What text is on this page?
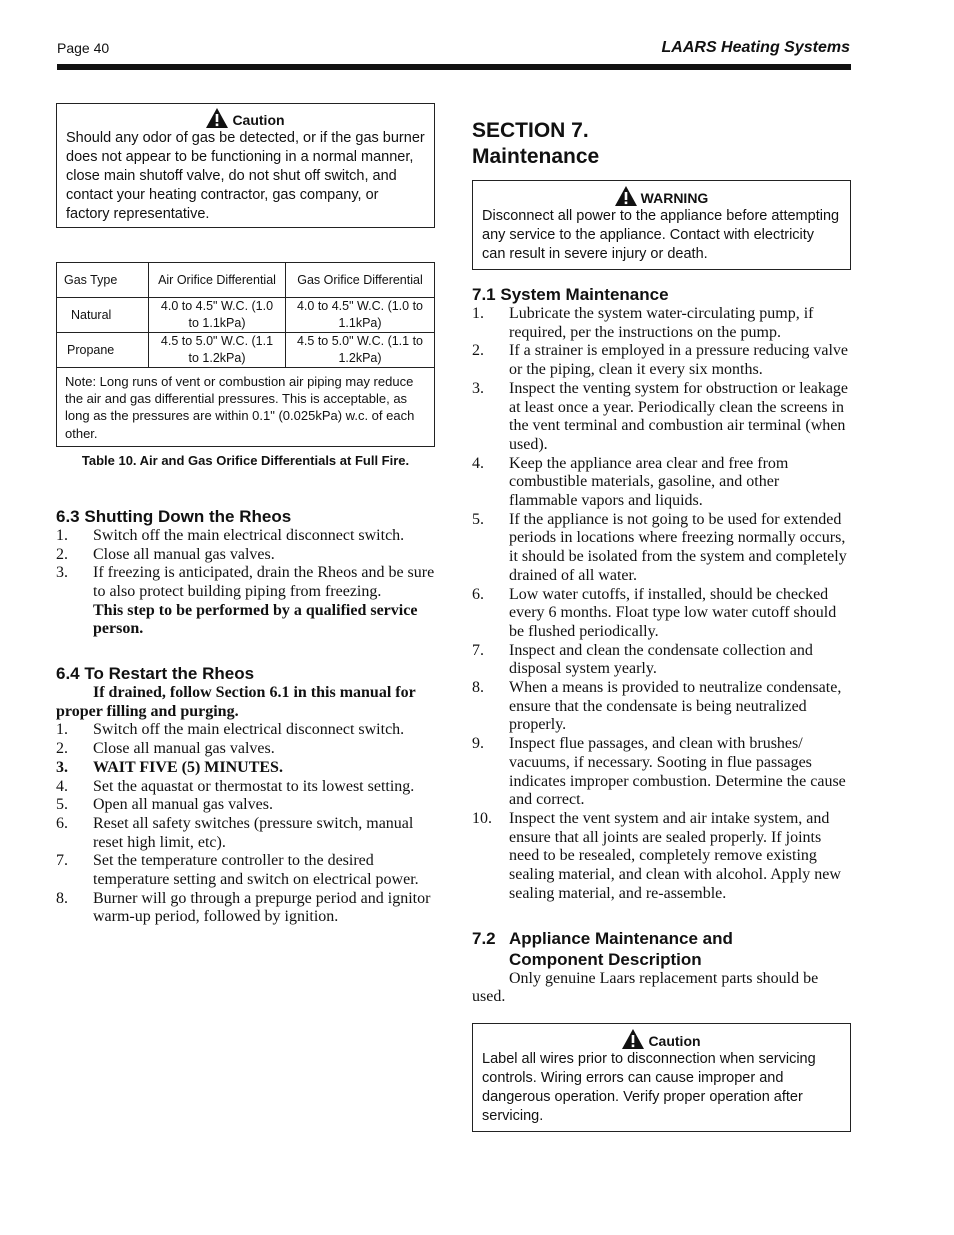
Page 40	LAARS Heating Systems
Caution
Should any odor of gas be detected, or if the gas burner does not appear to be functioning in a normal manner, close main shutoff valve, do not shut off switch, and contact your heating contractor, gas company, or factory representative.
Gas Type	Air Orifice Differential	Gas Orifice Differential
Natural	4.0 to 4.5" W.C. (1.0 to 1.1kPa)	4.0 to 4.5" W.C. (1.0 to 1.1kPa)
Propane	4.5 to 5.0" W.C. (1.1 to 1.2kPa)	4.5 to 5.0" W.C. (1.1 to 1.2kPa)
Note: Long runs of vent or combustion air piping may reduce the air and gas differential pressures. This is acceptable, as long as the pressures are within 0.1" (0.025kPa) w.c. of each other.		
Table 10. Air and Gas Orifice Differentials at Full Fire.
6.3 Shutting Down the Rheos
1.	Switch off the main electrical disconnect switch.
2.	Close all manual gas valves.
3.	If freezing is anticipated, drain the Rheos and be sure to also protect building piping from freezing.
This step to be performed by a qualified service person.
6.4 To Restart the Rheos
If drained, follow Section 6.1 in this manual for proper filling and purging.
1.	Switch off the main electrical disconnect switch.
2.	Close all manual gas valves.
3.	WAIT FIVE (5) MINUTES.
4.	Set the aquastat or thermostat to its lowest setting.
5.	Open all manual gas valves.
6.	Reset all safety switches (pressure switch, manual reset high limit, etc).
7.	Set the temperature controller to the desired temperature setting and switch on electrical power.
8.	Burner will go through a prepurge period and ignitor warm-up period, followed by ignition.
SECTION 7.
Maintenance
WARNING
Disconnect all power to the appliance before attempting any service to the appliance. Contact with electricity can result in severe injury or death.
7.1 System Maintenance
1.	Lubricate the system water-circulating pump, if required, per the instructions on the pump.
2.	If a strainer is employed in a pressure reducing valve or the piping, clean it every six months.
3.	Inspect the venting system for obstruction or leakage at least once a year. Periodically clean the screens in the vent terminal and combustion air terminal (when used).
4.	Keep the appliance area clear and free from combustible materials, gasoline, and other flammable vapors and liquids.
5.	If the appliance is not going to be used for extended periods in locations where freezing normally occurs, it should be isolated from the system and completely drained of all water.
6.	Low water cutoffs, if installed, should be checked every 6 months. Float type low water cutoff should be flushed periodically.
7.	Inspect and clean the condensate collection and disposal system yearly.
8.	When a means is provided to neutralize condensate, ensure that the condensate is being neutralized properly.
9.	Inspect flue passages, and clean with brushes/ vacuums, if necessary. Sooting in flue passages indicates improper combustion. Determine the cause and correct.
10.	Inspect the vent system and air intake system, and ensure that all joints are sealed properly. If joints need to be resealed, completely remove existing sealing material, and clean with alcohol. Apply new sealing material, and re-assemble.
7.2 Appliance Maintenance and
Component Description
Only genuine Laars replacement parts should be used.
Caution
Label all wires prior to disconnection when servicing controls. Wiring errors can cause improper and dangerous operation. Verify proper operation after servicing.
